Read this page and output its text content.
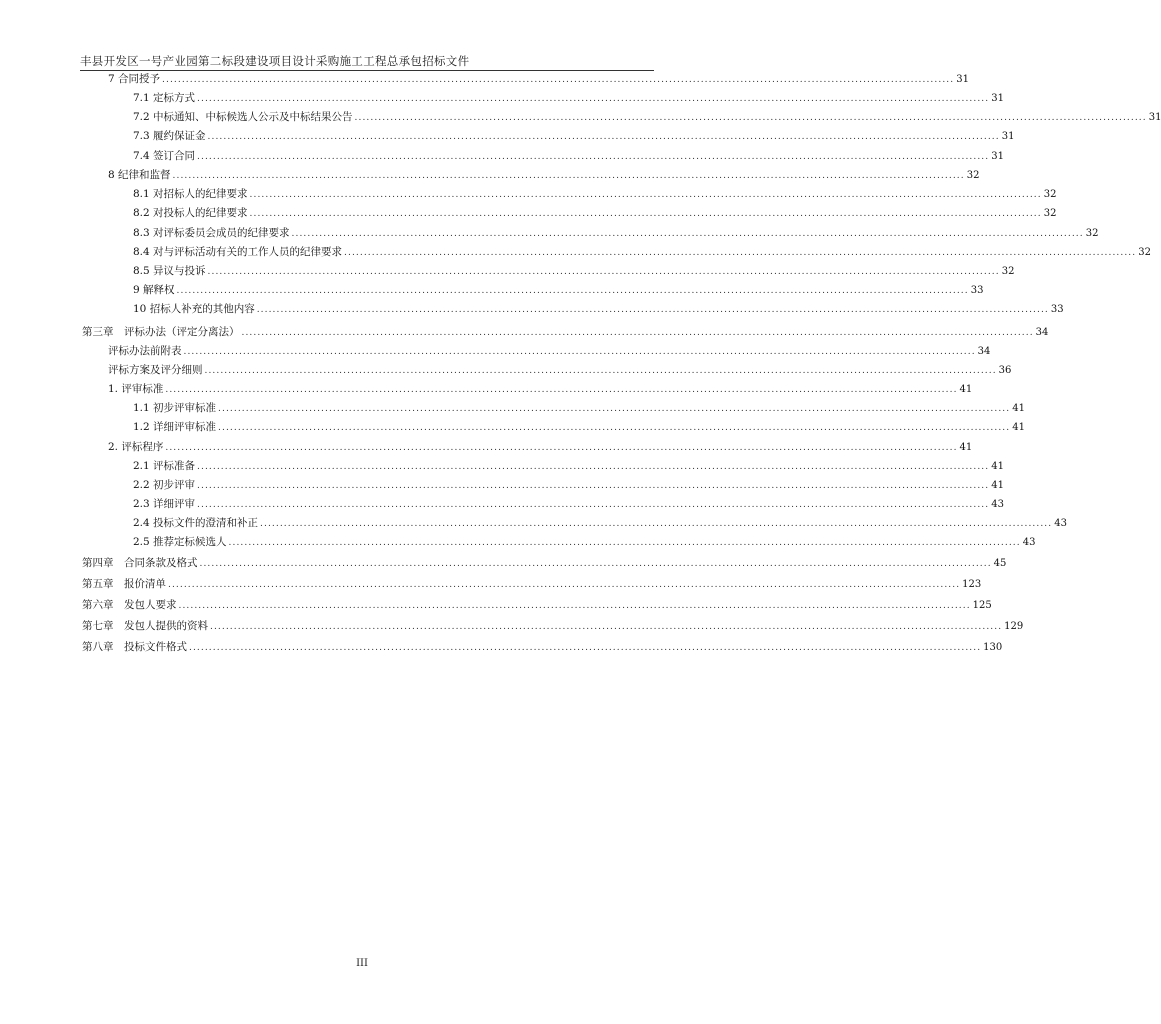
丰县开发区一号产业园第二标段建设项目设计采购施工工程总承包招标文件
7 合同授予 ........................................................................................................................................................................................................ 31
7.1 定标方式 ........................................................................................................................................................................................................ 31
7.2 中标通知、中标候选人公示及中标结果公告 ........................................................................................................................................................................................................ 31
7.3 履约保证金 ........................................................................................................................................................................................................ 31
7.4 签订合同 ........................................................................................................................................................................................................ 31
8 纪律和监督 ........................................................................................................................................................................................................ 32
8.1 对招标人的纪律要求 ........................................................................................................................................................................................................ 32
8.2 对投标人的纪律要求 ........................................................................................................................................................................................................ 32
8.3 对评标委员会成员的纪律要求 ........................................................................................................................................................................................................ 32
8.4 对与评标活动有关的工作人员的纪律要求 ........................................................................................................................................................................................................ 32
8.5 异议与投诉 ........................................................................................................................................................................................................ 32
9 解释权 ........................................................................................................................................................................................................ 33
10 招标人补充的其他内容 ........................................................................................................................................................................................................ 33
第三章　评标办法（评定分离法） ........................................................................................................................................................................................................ 34
评标办法前附表 ........................................................................................................................................................................................................ 34
评标方案及评分细则 ........................................................................................................................................................................................................ 36
1. 评审标准 ........................................................................................................................................................................................................ 41
1.1 初步评审标准 ........................................................................................................................................................................................................ 41
1.2 详细评审标准 ........................................................................................................................................................................................................ 41
2. 评标程序 ........................................................................................................................................................................................................ 41
2.1 评标准备 ........................................................................................................................................................................................................ 41
2.2 初步评审 ........................................................................................................................................................................................................ 41
2.3 详细评审 ........................................................................................................................................................................................................ 43
2.4 投标文件的澄清和补正 ........................................................................................................................................................................................................ 43
2.5 推荐定标候选人 ........................................................................................................................................................................................................ 43
第四章　合同条款及格式 ........................................................................................................................................................................................................ 45
第五章　报价清单 ........................................................................................................................................................................................................ 123
第六章　发包人要求 ........................................................................................................................................................................................................ 125
第七章　发包人提供的资料 ........................................................................................................................................................................................................ 129
第八章　投标文件格式 ........................................................................................................................................................................................................ 130
III
